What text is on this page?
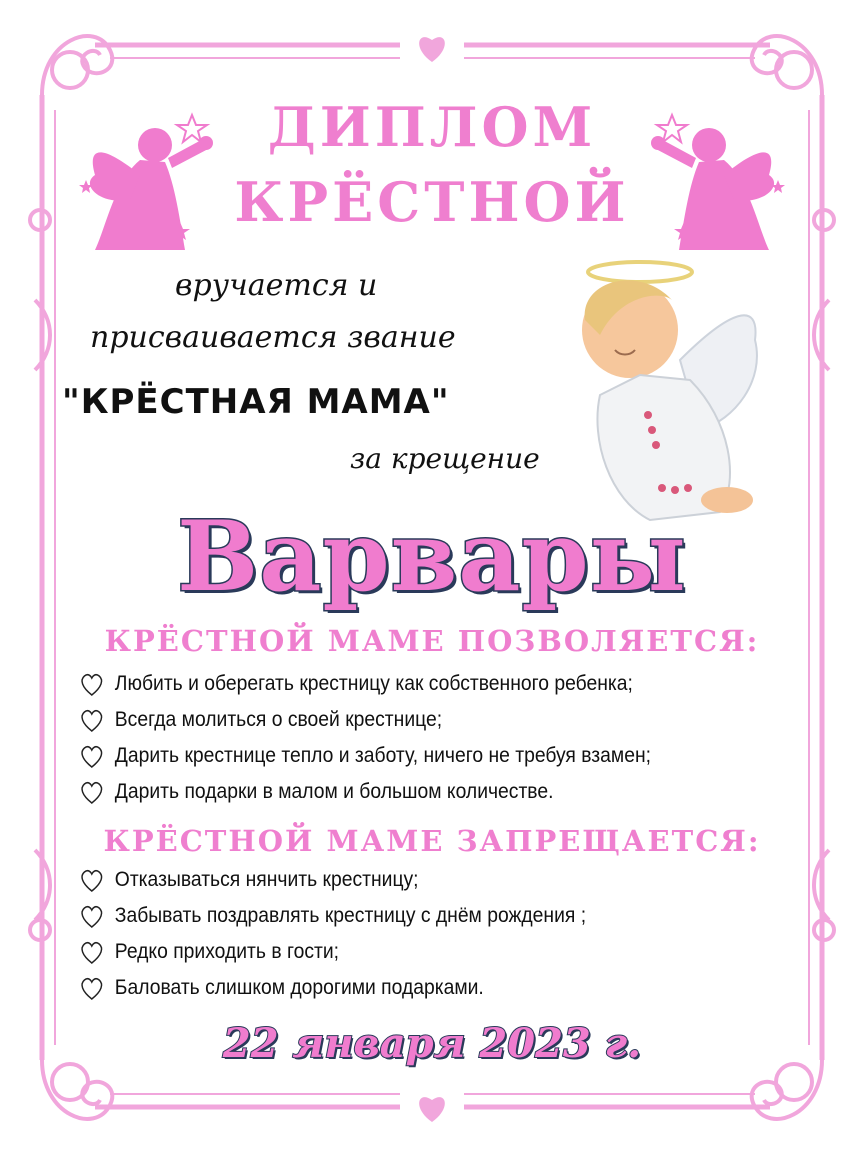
ДИПЛОМ
КРЁСТНОЙ
вручается и
присваивается звание
"КРЁСТНАЯ МАМА"
за крещение
Варвары
КРЁСТНОЙ МАМЕ ПОЗВОЛЯЕТСЯ:
Любить и оберегать крестницу как собственного ребенка;
Всегда молиться о своей крестнице;
Дарить крестнице тепло и заботу, ничего не требуя взамен;
Дарить подарки в малом и большом количестве.
КРЁСТНОЙ МАМЕ ЗАПРЕЩАЕТСЯ:
Отказываться нянчить крестницу;
Забывать поздравлять крестницу с днём рождения ;
Редко приходить в гости;
Баловать слишком дорогими подарками.
22 января 2023 г.
